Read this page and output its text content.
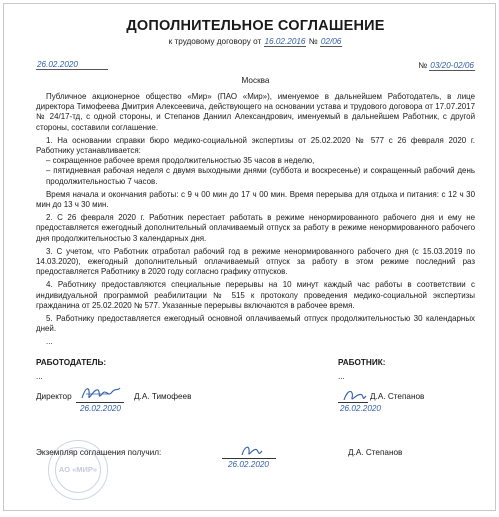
ДОПОЛНИТЕЛЬНОЕ СОГЛАШЕНИЕ
к трудовому договору от 16.02.2016 № 02/06
26.02.2020	№ 03/20-02/06
Москва

Публичное акционерное общество «Мир» (ПАО «Мир»), именуемое в дальнейшем Работодатель, в лице директора Тимофеева Дмитрия Алексеевича, действующего на основании устава и трудового договора от 17.07.2017 № 24/17-тд, с одной стороны, и Степанов Даниил Александрович, именуемый в дальнейшем Работник, с другой стороны, составили соглашение.

1. На основании справки бюро медико-социальной экспертизы от 25.02.2020 № 577 с 26 февраля 2020 г. Работнику устанавливается:

– сокращенное рабочее время продолжительностью 35 часов в неделю,

– пятидневная рабочая неделя с двумя выходными днями (суббота и воскресенье) и сокращенный рабочий день продолжительностью 7 часов.

Время начала и окончания работы: с 9 ч 00 мин до 17 ч 00 мин. Время перерыва для отдыха и питания: с 12 ч 30 мин до 13 ч 30 мин.

2. С 26 февраля 2020 г. Работник перестает работать в режиме ненормированного рабочего дня и ему не предоставляется ежегодный дополнительный оплачиваемый отпуск за работу в режиме ненормированного рабочего дня продолжительностью 3 календарных дня.

3. С учетом, что Работник отработал рабочий год в режиме ненормированного рабочего дня (с 15.03.2019 по 14.03.2020), ежегодный дополнительный оплачиваемый отпуск за работу в этом режиме последний раз предоставляется Работнику в 2020 году согласно графику отпусков.

4. Работнику предоставляются специальные перерывы на 10 минут каждый час работы в соответствии с индивидуальной программой реабилитации № 515 к протоколу проведения медико-социальной экспертизы гражданина от 25.02.2020 № 577. Указанные перерывы включаются в рабочее время.

5. Работнику предоставляется ежегодный основной оплачиваемый отпуск продолжительностью 30 календарных дней.

...

РАБОТОДАТЕЛЬ:	РАБОТНИК:
...	...
АО «МИР»
Директор	Д.А. Тимофеев
26.02.2020
Д.А. Степанов
26.02.2020
Экземпляр соглашения получил:
26.02.2020
Д.А. Степанов
